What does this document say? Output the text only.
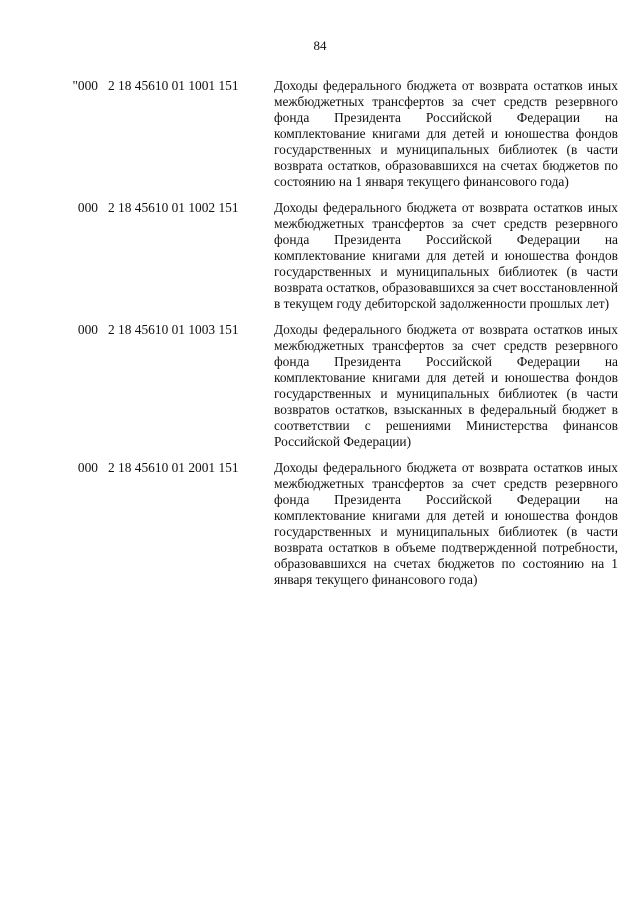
84
"000 2 18 45610 01 1001 151	Доходы федерального бюджета от возврата остатков иных межбюджетных трансфертов за счет средств резервного фонда Президента Российской Федерации на комплектование книгами для детей и юношества фондов государственных и муниципальных библиотек (в части возврата остатков, образовавшихся на счетах бюджетов по состоянию на 1 января текущего финансового года)
000 2 18 45610 01 1002 151	Доходы федерального бюджета от возврата остатков иных межбюджетных трансфертов за счет средств резервного фонда Президента Российской Федерации на комплектование книгами для детей и юношества фондов государственных и муниципальных библиотек (в части возврата остатков, образовавшихся за счет восстановленной в текущем году дебиторской задолженности прошлых лет)
000 2 18 45610 01 1003 151	Доходы федерального бюджета от возврата остатков иных межбюджетных трансфертов за счет средств резервного фонда Президента Российской Федерации на комплектование книгами для детей и юношества фондов государственных и муниципальных библиотек (в части возвратов остатков, взысканных в федеральный бюджет в соответствии с решениями Министерства финансов Российской Федерации)
000 2 18 45610 01 2001 151	Доходы федерального бюджета от возврата остатков иных межбюджетных трансфертов за счет средств резервного фонда Президента Российской Федерации на комплектование книгами для детей и юношества фондов государственных и муниципальных библиотек (в части возврата остатков в объеме подтвержденной потребности, образовавшихся на счетах бюджетов по состоянию на 1 января текущего финансового года)
